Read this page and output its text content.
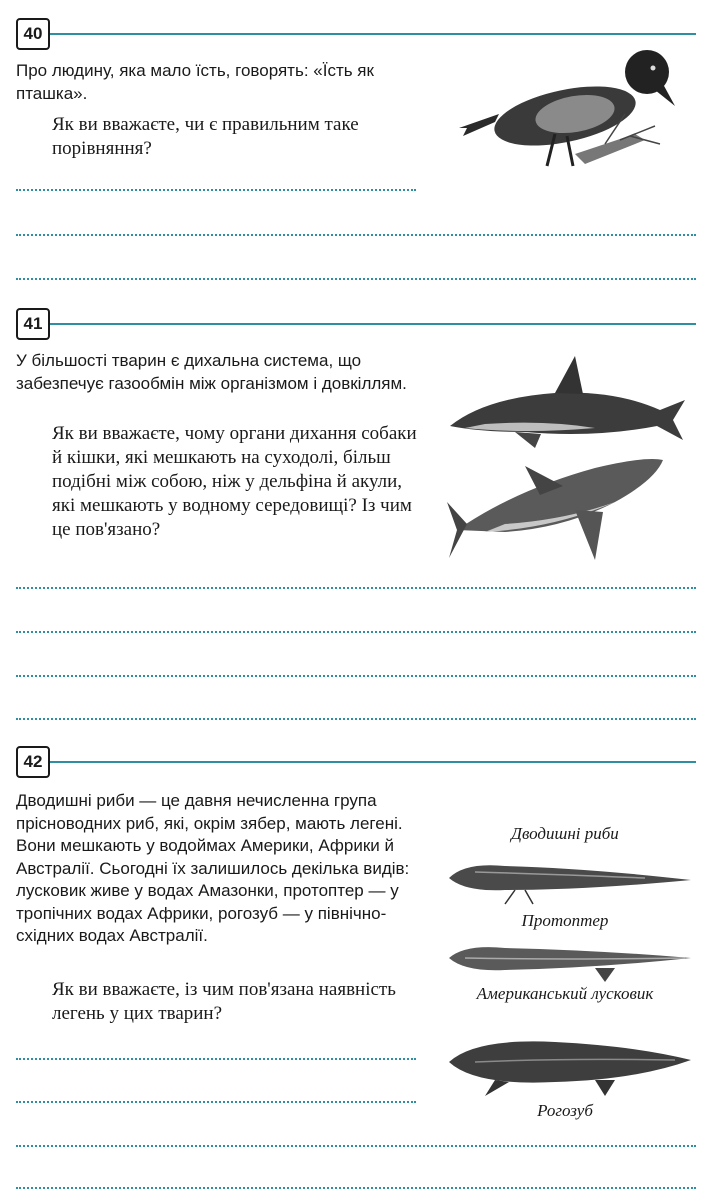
40

Про людину, яка мало їсть, говорять: «Їсть як пташка».

Як ви вважаєте, чи є правильним таке порівняння?

41

У більшості тварин є дихальна система, що забезпечує газообмін між організмом і довкіллям.

Як ви вважаєте, чому органи дихання собаки й кішки, які мешкають на суходолі, більш подібні між собою, ніж у дельфіна й акули, які мешкають у водному середовищі? Із чим це пов'язано?

42

Дводишні риби — це давня нечисленна група прісноводних риб, які, окрім зябер, мають легені. Вони мешкають у водоймах Америки, Африки й Австралії. Сьогодні їх залишилось декілька видів: лусковик живе у водах Амазонки, протоптер — у тропічних водах Африки, рогозуб — у північно-східних водах Австралії.

Як ви вважаєте, із чим пов'язана наявність легень у цих тварин?

Дводишні риби
Протоптер
Американський лусковик
Рогозуб
